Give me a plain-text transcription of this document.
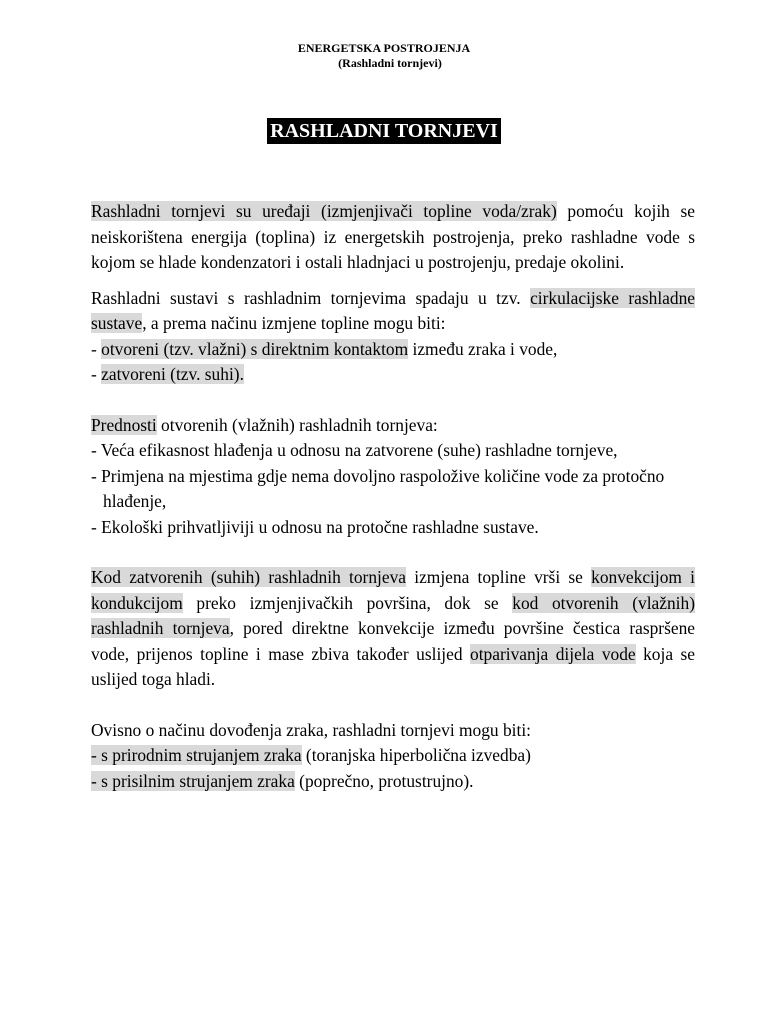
ENERGETSKA POSTROJENJA
(Rashladni tornjevi)
RASHLADNI TORNJEVI

Rashladni tornjevi su uređaji (izmjenjivači topline voda/zrak) pomoću kojih se neiskorištena energija (toplina) iz energetskih postrojenja, preko rashladne vode s kojom se hlade kondenzatori i ostali hladnjaci u postrojenju, predaje okolini.

Rashladni sustavi s rashladnim tornjevima spadaju u tzv. cirkulacijske rashladne sustave, a prema načinu izmjene topline mogu biti:

- otvoreni (tzv. vlažni) s direktnim kontaktom između zraka i vode,

- zatvoreni (tzv. suhi).

Prednosti otvorenih (vlažnih) rashladnih tornjeva:

- Veća efikasnost hlađenja u odnosu na zatvorene (suhe) rashladne tornjeve,

- Primjena na mjestima gdje nema dovoljno raspoložive količine vode za protočno hlađenje,

- Ekološki prihvatljiviji u odnosu na protočne rashladne sustave.

Kod zatvorenih (suhih) rashladnih tornjeva izmjena topline vrši se konvekcijom i kondukcijom preko izmjenjivačkih površina, dok se kod otvorenih (vlažnih) rashladnih tornjeva, pored direktne konvekcije između površine čestica raspršene vode, prijenos topline i mase zbiva također uslijed otparivanja dijela vode koja se uslijed toga hladi.

Ovisno o načinu dovođenja zraka, rashladni tornjevi mogu biti:

- s prirodnim strujanjem zraka (toranjska hiperbolična izvedba)

- s prisilnim strujanjem zraka (poprečno, protustrujno).
